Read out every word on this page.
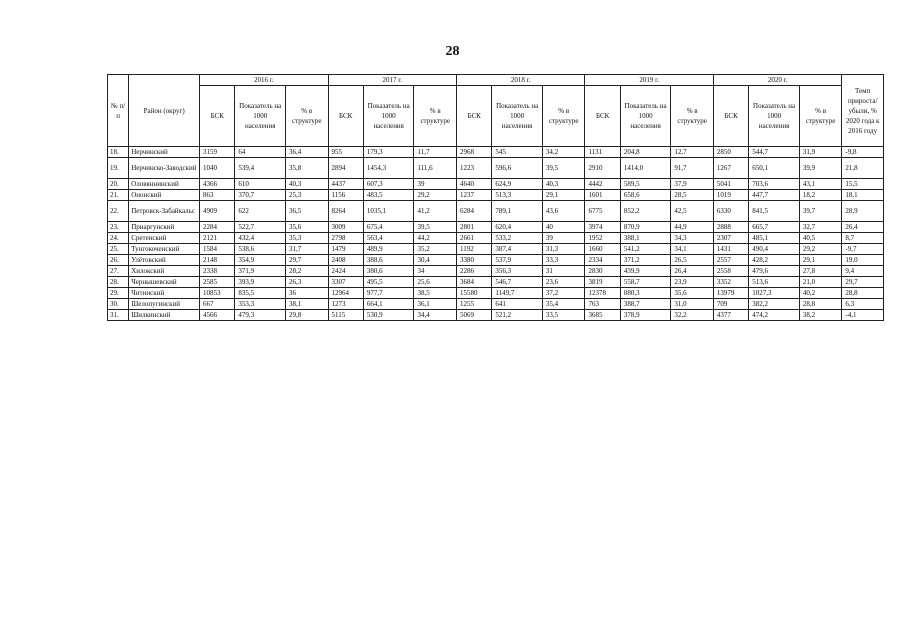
28
№ п/п	Район (округ)	2016 г.			2017 г.			2018 г.			2019 г.			2020 г.			Темп прироста/ убыли, % 2020 года к 2016 году
		БСК	Показатель на 1000 населения	% в структуре	БСК	Показатель на 1000 населения	% в структуре	БСК	Показатель на 1000 населения	% в структуре	БСК	Показатель на 1000 населения	% в структуре	БСК	Показатель на 1000 населения	% в структуре	
18.	Нерчинский	3159	64	36,4	955	179,3	11,7	2968	545	34,2	1131	204,8	12,7	2850	544,7	31,9	-9,8
19.	Нерчинско-Заводский	1040	539,4	35,8	2894	1454,3	111,6	1223	596,6	39,5	2910	1414,0	91,7	1267	650,1	39,9	21,8
20.	Оловяннинский	4366	610	40,3	4437	607,3	39	4640	624,9	40,3	4442	589,5	37,9	5041	703,6	43,1	15,5
21.	Ононский	863	370,7	25,3	1156	483,5	29,2	1237	513,3	29,1	1601	658,6	28,5	1019	447,7	18,2	18,1
22.	Петровск-Забайкальс	4909	622	36,5	8264	1035,1	41,2	6284	789,1	43,6	6775	852,2	42,5	6330	841,5	39,7	28,9
23.	Приаргунский	2284	522,7	35,6	3009	675,4	39,5	2801	620,4	40	3974	870,9	44,9	2888	665,7	32,7	26,4
24.	Сретенский	2121	432,4	35,3	2798	563,4	44,2	2661	533,2	39	1952	388,1	34,3	2307	485,1	40,5	8,7
25.	Тунгокоченский	1584	538,6	31,7	1479	489,9	35,2	1192	387,4	31,3	1660	541,2	34,1	1431	490,4	29,2	-9,7
26.	Улётовский	2148	354,9	29,7	2408	388,6	30,4	3380	537,9	33,3	2334	371,2	26,5	2557	428,2	29,1	19,0
27.	Хилокский	2338	371,9	28,2	2424	380,6	34	2286	356,3	31	2830	439,9	26,4	2558	479,6	27,8	9,4
28.	Чернышевский	2585	393,9	26,3	3307	495,5	25,6	3684	546,7	23,6	3819	558,7	23,9	3352	513,6	21,0	29,7
29.	Читинский	10853	835,5	36	12964	977,7	38,5	15580	1149,7	37,2	12378	880,3	35,6	13979	1027,3	40,2	28,8
30.	Шелопугинский	667	353,3	38,1	1273	664,1	36,1	1255	641	35,4	763	388,7	31,0	709	382,2	28,8	6,3
31.	Шилкинский	4566	479,3	29,8	5115	530,9	34,4	5069	521,2	33,5	3685	378,9	32,2	4377	474,2	38,2	-4,1
